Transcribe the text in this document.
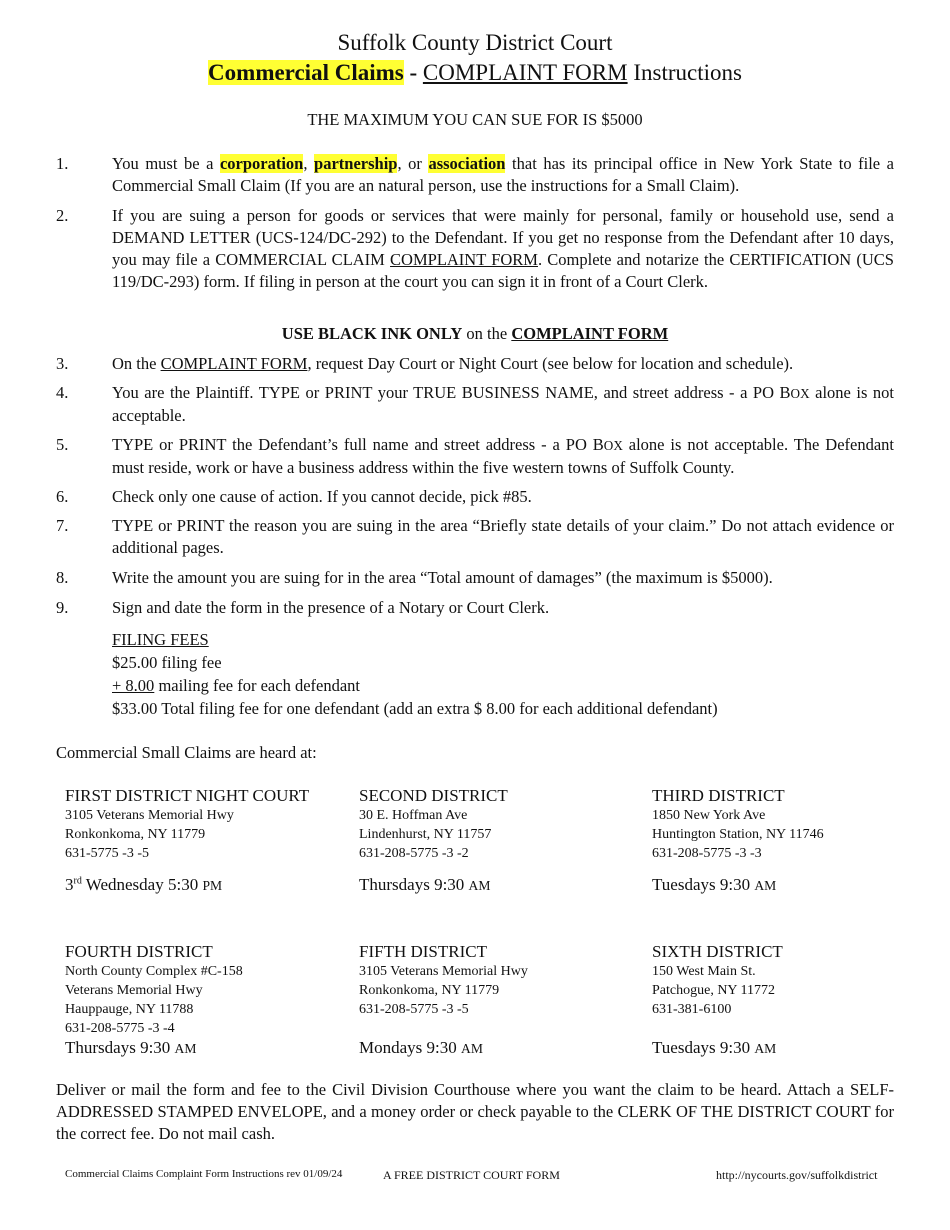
Suffolk County District Court
Commercial Claims - COMPLAINT FORM Instructions
THE MAXIMUM YOU CAN SUE FOR IS $5000
1.	You must be a corporation, partnership, or association that has its principal office in New York State to file a Commercial Small Claim (If you are an natural person, use the instructions for a Small Claim).
2.	If you are suing a person for goods or services that were mainly for personal, family or household use, send a DEMAND LETTER (UCS-124/DC-292) to the Defendant. If you get no response from the Defendant after 10 days, you may file a COMMERCIAL CLAIM COMPLAINT FORM. Complete and notarize the CERTIFICATION (UCS 119/DC-293) form. If filing in person at the court you can sign it in front of a Court Clerk.
USE BLACK INK ONLY on the COMPLAINT FORM
3.	On the COMPLAINT FORM, request Day Court or Night Court (see below for location and schedule).
4.	You are the Plaintiff. TYPE or PRINT your TRUE BUSINESS NAME, and street address - a PO BOX alone is not acceptable.
5.	TYPE or PRINT the Defendant’s full name and street address - a PO BOX alone is not acceptable. The Defendant must reside, work or have a business address within the five western towns of Suffolk County.
6.	Check only one cause of action. If you cannot decide, pick #85.
7.	TYPE or PRINT the reason you are suing in the area “Briefly state details of your claim.” Do not attach evidence or additional pages.
8.	Write the amount you are suing for in the area “Total amount of damages” (the maximum is $5000).
9.	Sign and date the form in the presence of a Notary or Court Clerk.
FILING FEES
$25.00 filing fee
+ 8.00 mailing fee for each defendant
$33.00 Total filing fee for one defendant (add an extra $ 8.00 for each additional defendant)
Commercial Small Claims are heard at:
FIRST DISTRICT NIGHT COURT
3105 Veterans Memorial Hwy
Ronkonkoma, NY 11779
631-5775 -3 -5
3rd Wednesday 5:30 PM
SECOND DISTRICT
30 E. Hoffman Ave
Lindenhurst, NY 11757
631-208-5775 -3 -2
Thursdays 9:30 AM
THIRD DISTRICT
1850 New York Ave
Huntington Station, NY 11746
631-208-5775 -3 -3
Tuesdays 9:30 AM
FOURTH DISTRICT
North County Complex #C-158
Veterans Memorial Hwy
Hauppauge, NY 11788
631-208-5775 -3 -4
Thursdays 9:30 AM
FIFTH DISTRICT
3105 Veterans Memorial Hwy
Ronkonkoma, NY 11779
631-208-5775 -3 -5
Mondays 9:30 AM
SIXTH DISTRICT
150 West Main St.
Patchogue, NY 11772
631-381-6100
Tuesdays 9:30 AM
Deliver or mail the form and fee to the Civil Division Courthouse where you want the claim to be heard. Attach a SELF-ADDRESSED STAMPED ENVELOPE, and a money order or check payable to the CLERK OF THE DISTRICT COURT for the correct fee. Do not mail cash.
Commercial Claims Complaint Form Instructions rev 01/09/24	A FREE DISTRICT COURT FORM	http://nycourts.gov/suffolkdistrict
